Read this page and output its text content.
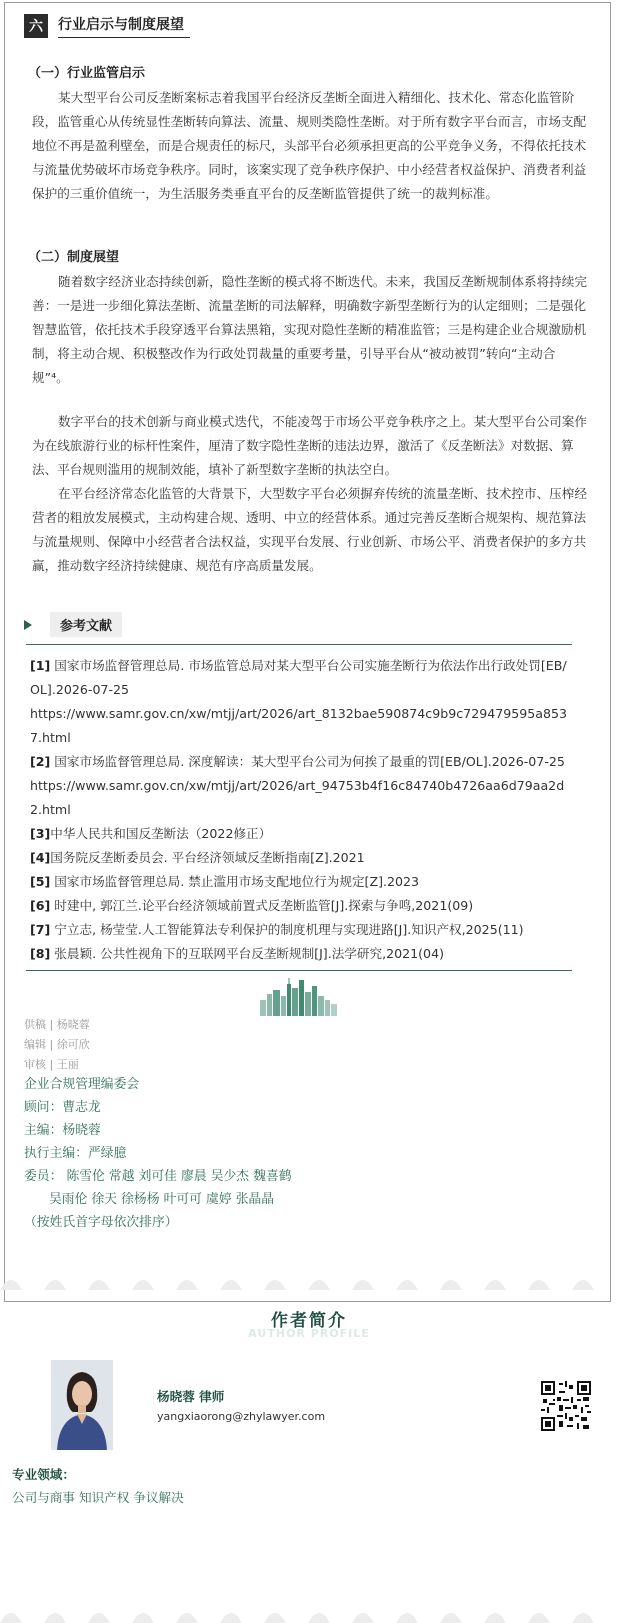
六	行业启示与制度展望
（一）行业监管启示

某大型平台公司反垄断案标志着我国平台经济反垄断全面进入精细化、技术化、常态化监管阶段，监管重心从传统显性垄断转向算法、流量、规则类隐性垄断。对于所有数字平台而言，市场支配地位不再是盈利壁垒，而是合规责任的标尺，头部平台必须承担更高的公平竞争义务，不得依托技术与流量优势破坏市场竞争秩序。同时，该案实现了竞争秩序保护、中小经营者权益保护、消费者利益保护的三重价值统一，为生活服务类垂直平台的反垄断监管提供了统一的裁判标准。

（二）制度展望

随着数字经济业态持续创新，隐性垄断的模式将不断迭代。未来，我国反垄断规制体系将持续完善：一是进一步细化算法垄断、流量垄断的司法解释，明确数字新型垄断行为的认定细则；二是强化智慧监管，依托技术手段穿透平台算法黑箱，实现对隐性垄断的精准监管；三是构建企业合规激励机制，将主动合规、积极整改作为行政处罚裁量的重要考量，引导平台从“被动被罚”转向“主动合规”⁴。

数字平台的技术创新与商业模式迭代，不能凌驾于市场公平竞争秩序之上。某大型平台公司案作为在线旅游行业的标杆性案件，厘清了数字隐性垄断的违法边界，激活了《反垄断法》对数据、算法、平台规则滥用的规制效能，填补了新型数字垄断的执法空白。

在平台经济常态化监管的大背景下，大型数字平台必须摒弃传统的流量垄断、技术控市、压榨经营者的粗放发展模式，主动构建合规、透明、中立的经营体系。通过完善反垄断合规架构、规范算法与流量规则、保障中小经营者合法权益，实现平台发展、行业创新、市场公平、消费者保护的多方共赢，推动数字经济持续健康、规范有序高质量发展。

参考文献
[1] 国家市场监督管理总局. 市场监管总局对某大型平台公司实施垄断行为依法作出行政处罚[EB/OL].2026-07-25
https://www.samr.gov.cn/xw/mtjj/art/2026/art_8132bae590874c9b9c729479595a8537.html
[2] 国家市场监督管理总局. 深度解读：某大型平台公司为何挨了最重的罚[EB/OL].2026-07-25
https://www.samr.gov.cn/xw/mtjj/art/2026/art_94753b4f16c84740b4726aa6d79aa2d2.html
[3]中华人民共和国反垄断法（2022修正）
[4]国务院反垄断委员会. 平台经济领域反垄断指南[Z].2021
[5] 国家市场监督管理总局. 禁止滥用市场支配地位行为规定[Z].2023
[6] 时建中, 郭江兰.论平台经济领域前置式反垄断监管[J].探索与争鸣,2021(09)
[7] 宁立志, 杨莹莹.人工智能算法专利保护的制度机理与实现进路[J].知识产权,2025(11)
[8] 张晨颖. 公共性视角下的互联网平台反垄断规制[J].法学研究,2021(04)
供稿 | 杨晓蓉
编辑 | 徐可欣
审核 | 王丽
企业合规管理编委会
顾问：曹志龙
主编：杨晓蓉
执行主编：严绿臆
委员： 陈雪伦 常越 刘可佳 廖晨 吴少杰 魏喜鹤
吴雨伦 徐天 徐杨杨 叶可可 虞婷 张晶晶
（按姓氏首字母依次排序）
AUTHOR PROFILE
作者简介
杨晓蓉 律师
yangxiaorong@zhylawyer.com
专业领域：
公司与商事 知识产权 争议解决
